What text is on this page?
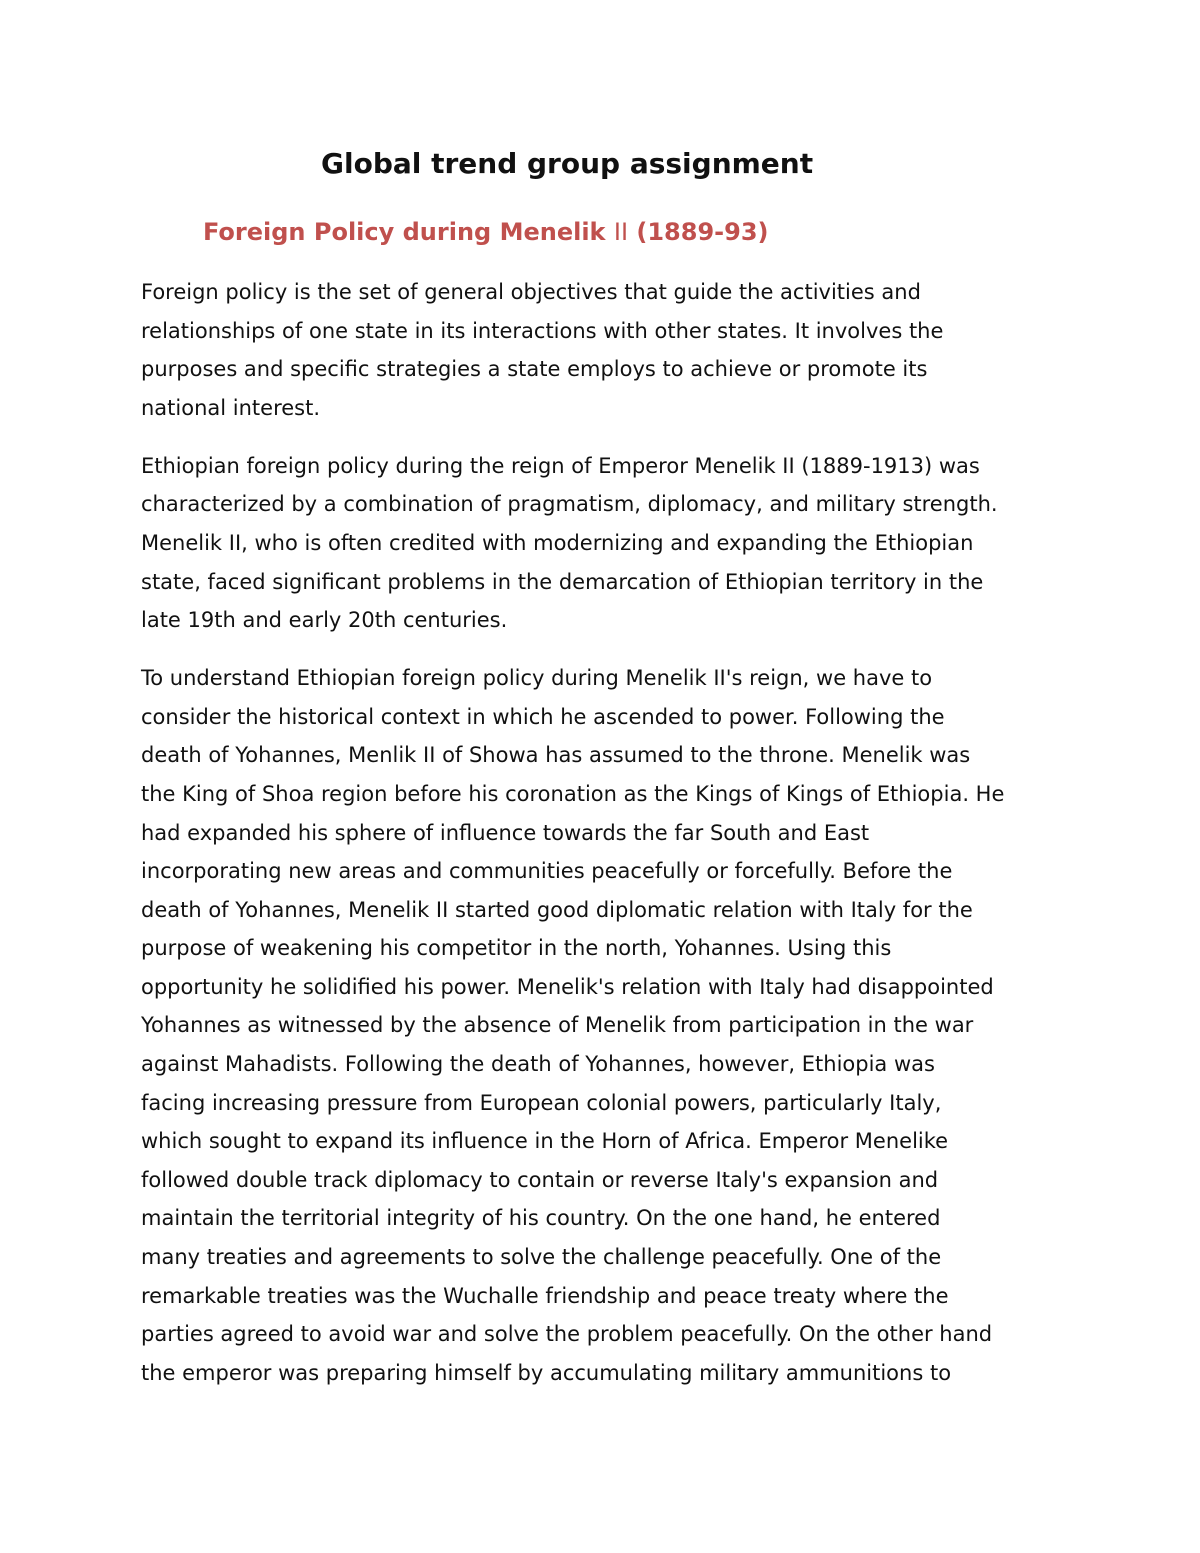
Global trend group assignment
Foreign Policy during Menelik II (1889-93)

Foreign policy is the set of general objectives that guide the activities and
relationships of one state in its interactions with other states. It involves the
purposes and specific strategies a state employs to achieve or promote its
national interest.

Ethiopian foreign policy during the reign of Emperor Menelik II (1889-1913) was
characterized by a combination of pragmatism, diplomacy, and military strength.
Menelik II, who is often credited with modernizing and expanding the Ethiopian
state, faced significant problems in the demarcation of Ethiopian territory in the
late 19th and early 20th centuries.

To understand Ethiopian foreign policy during Menelik II's reign, we have to
consider the historical context in which he ascended to power. Following the
death of Yohannes, Menlik II of Showa has assumed to the throne. Menelik was
the King of Shoa region before his coronation as the Kings of Kings of Ethiopia. He
had expanded his sphere of influence towards the far South and East
incorporating new areas and communities peacefully or forcefully. Before the
death of Yohannes, Menelik II started good diplomatic relation with Italy for the
purpose of weakening his competitor in the north, Yohannes. Using this
opportunity he solidified his power. Menelik's relation with Italy had disappointed
Yohannes as witnessed by the absence of Menelik from participation in the war
against Mahadists. Following the death of Yohannes, however, Ethiopia was
facing increasing pressure from European colonial powers, particularly Italy,
which sought to expand its influence in the Horn of Africa. Emperor Menelike
followed double track diplomacy to contain or reverse Italy's expansion and
maintain the territorial integrity of his country. On the one hand, he entered
many treaties and agreements to solve the challenge peacefully. One of the
remarkable treaties was the Wuchalle friendship and peace treaty where the
parties agreed to avoid war and solve the problem peacefully. On the other hand
the emperor was preparing himself by accumulating military ammunitions to
